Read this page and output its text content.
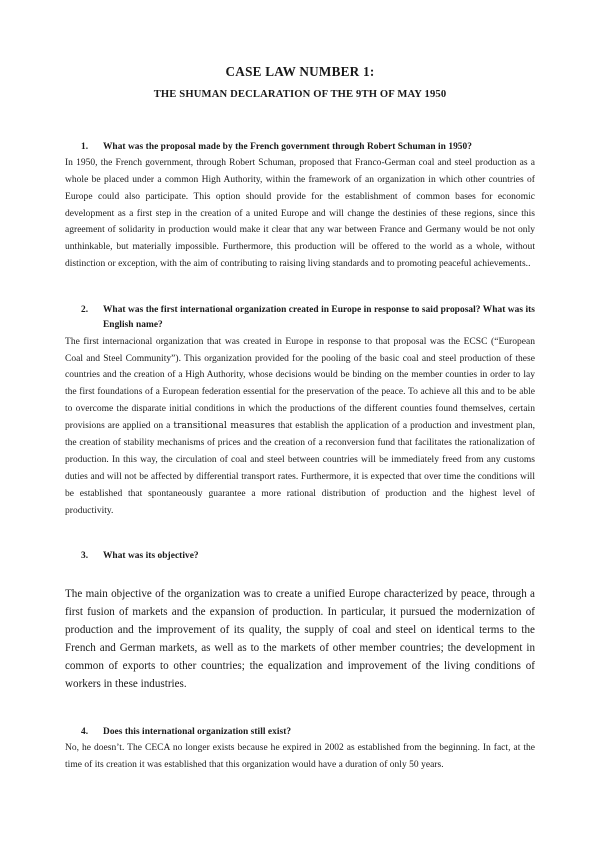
CASE LAW NUMBER 1:
THE SHUMAN DECLARATION OF THE 9TH OF MAY 1950
1.	What was the proposal made by the French government through Robert Schuman in 1950?

In 1950, the French government, through Robert Schuman, proposed that Franco-German coal and steel production as a whole be placed under a common High Authority, within the framework of an organization in which other countries of Europe could also participate. This option should provide for the establishment of common bases for economic development as a first step in the creation of a united Europe and will change the destinies of these regions, since this agreement of solidarity in production would make it clear that any war between France and Germany would be not only unthinkable, but materially impossible. Furthermore, this production will be offered to the world as a whole, without distinction or exception, with the aim of contributing to raising living standards and to promoting peaceful achievements..

2.	What was the first international organization created in Europe in response to said proposal? What was its English name?

The first internacional organization that was created in Europe in response to that proposal was the ECSC (“European Coal and Steel Community”). This organization provided for the pooling of the basic coal and steel production of these countries and the creation of a High Authority, whose decisions would be binding on the member counties in order to lay the first foundations of a European federation essential for the preservation of the peace. To achieve all this and to be able to overcome the disparate initial conditions in which the productions of the different counties found themselves, certain provisions are applied on a transitional measures that establish the application of a production and investment plan, the creation of stability mechanisms of prices and the creation of a reconversion fund that facilitates the rationalization of production. In this way, the circulation of coal and steel between countries will be immediately freed from any customs duties and will not be affected by differential transport rates. Furthermore, it is expected that over time the conditions will be established that spontaneously guarantee a more rational distribution of production and the highest level of productivity.

3.	What was its objective?

The main objective of the organization was to create a unified Europe characterized by peace, through a first fusion of markets and the expansion of production. In particular, it pursued the modernization of production and the improvement of its quality, the supply of coal and steel on identical terms to the French and German markets, as well as to the markets of other member countries; the development in common of exports to other countries; the equalization and improvement of the living conditions of workers in these industries.

4.	Does this international organization still exist?

No, he doesn’t. The CECA no longer exists because he expired in 2002 as established from the beginning. In fact, at the time of its creation it was established that this organization would have a duration of only 50 years.
